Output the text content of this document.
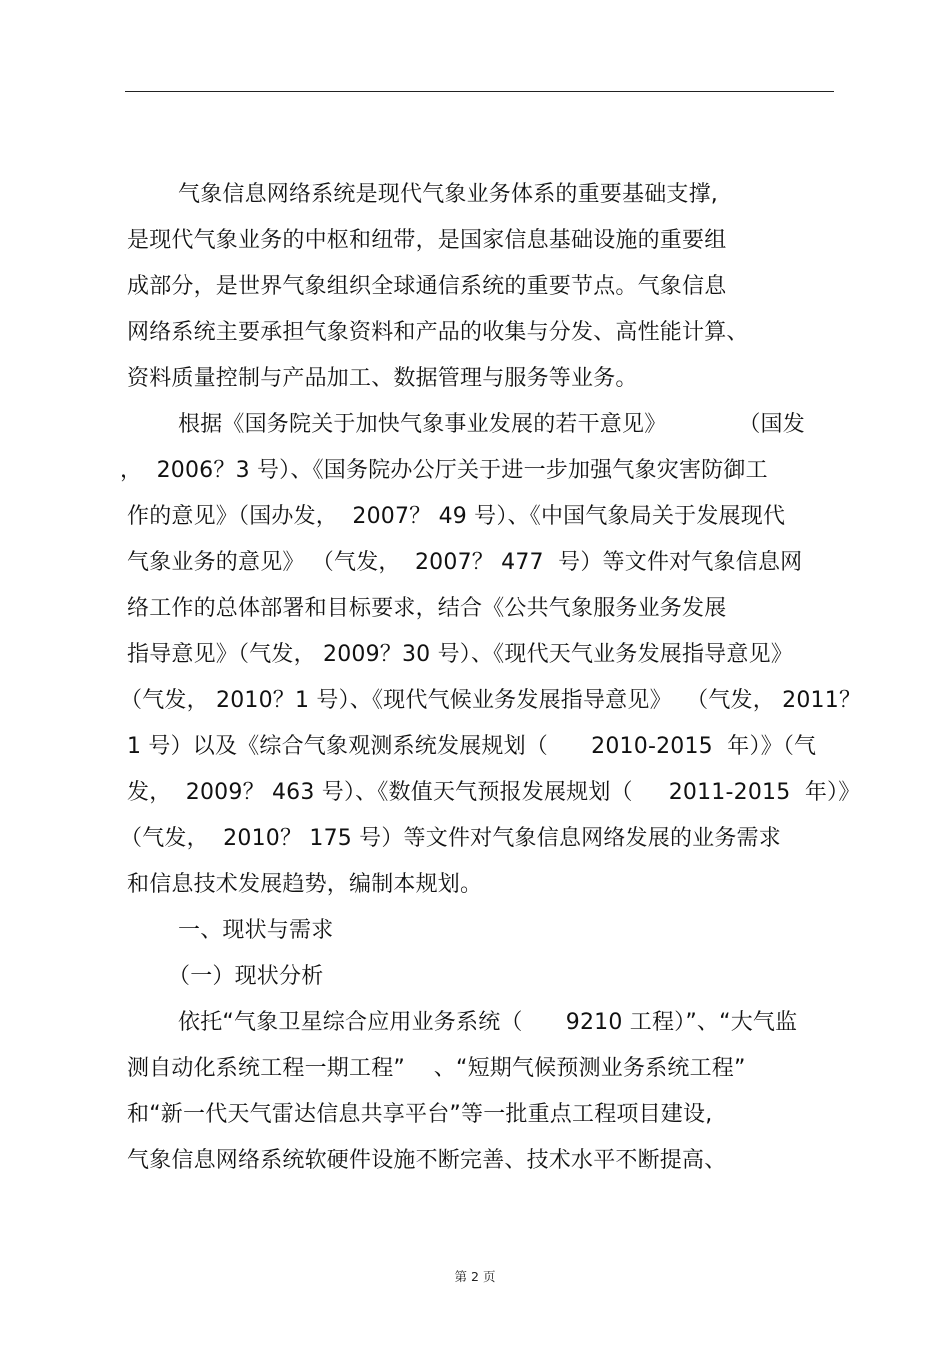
气象信息网络系统是现代气象业务体系的重要基础支撑,
是现代气象业务的中枢和纽带，是国家信息基础设施的重要组
成部分，是世界气象组织全球通信系统的重要节点。气象信息
网络系统主要承担气象资料和产品的收集与分发、高性能计算、
资料质量控制与产品加工、数据管理与服务等业务。
根据《国务院关于加快气象事业发展的若干意见》          （国发
，  2006？3 号）、《国务院办公厅关于进一步加强气象灾害防御工
作的意见》（国办发，  2007？ 49 号）、《中国气象局关于发展现代
气象业务的意见》 （气发，  2007？ 477  号）等文件对气象信息网
络工作的总体部署和目标要求，结合《公共气象服务业务发展
指导意见》（气发， 2009？30 号）、《现代天气业务发展指导意见》
（气发， 2010？1 号）、《现代气候业务发展指导意见》  （气发， 2011？
1 号）以及《综合气象观测系统发展规划（      2010-2015  年）》（气
发，  2009？ 463 号）、《数值天气预报发展规划（     2011-2015  年）》
（气发，  2010？ 175 号）等文件对气象信息网络发展的业务需求
和信息技术发展趋势，编制本规划。
一、现状与需求
（一）现状分析
依托“气象卫星综合应用业务系统（      9210 工程）”、“大气监
测自动化系统工程一期工程”    、“短期气候预测业务系统工程”
和“新一代天气雷达信息共享平台”等一批重点工程项目建设,
气象信息网络系统软硬件设施不断完善、技术水平不断提高、
第 2 页
